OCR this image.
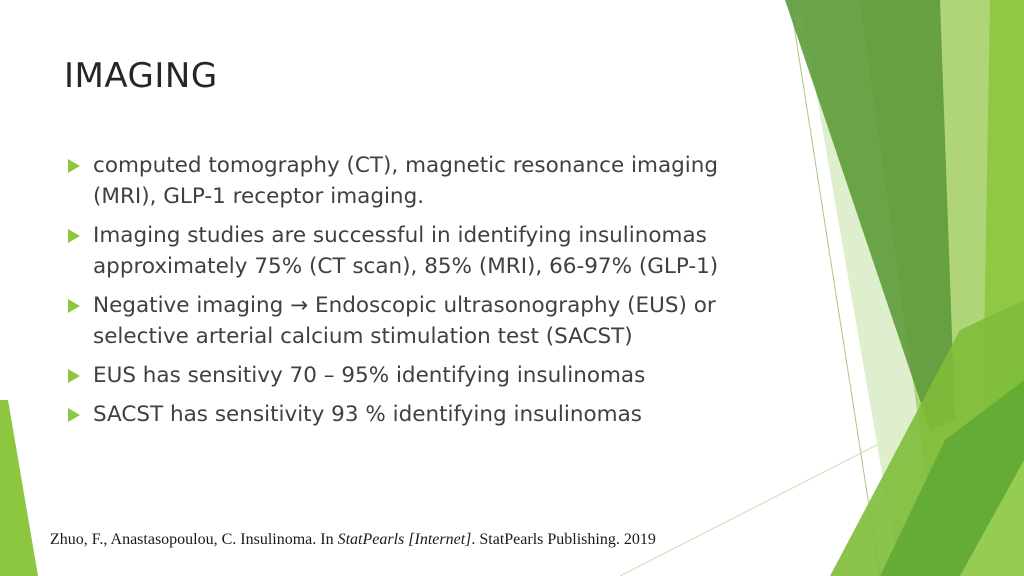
IMAGING
computed tomography (CT), magnetic resonance imaging
(MRI), GLP-1 receptor imaging.
Imaging studies are successful in identifying insulinomas
approximately 75% (CT scan), 85% (MRI), 66-97% (GLP-1)
Negative imaging → Endoscopic ultrasonography (EUS) or
selective arterial calcium stimulation test (SACST)
EUS has sensitivy 70 – 95% identifying insulinomas
SACST has sensitivity 93 % identifying insulinomas
Zhuo, F., Anastasopoulou, C. Insulinoma. In StatPearls [Internet]. StatPearls Publishing. 2019
